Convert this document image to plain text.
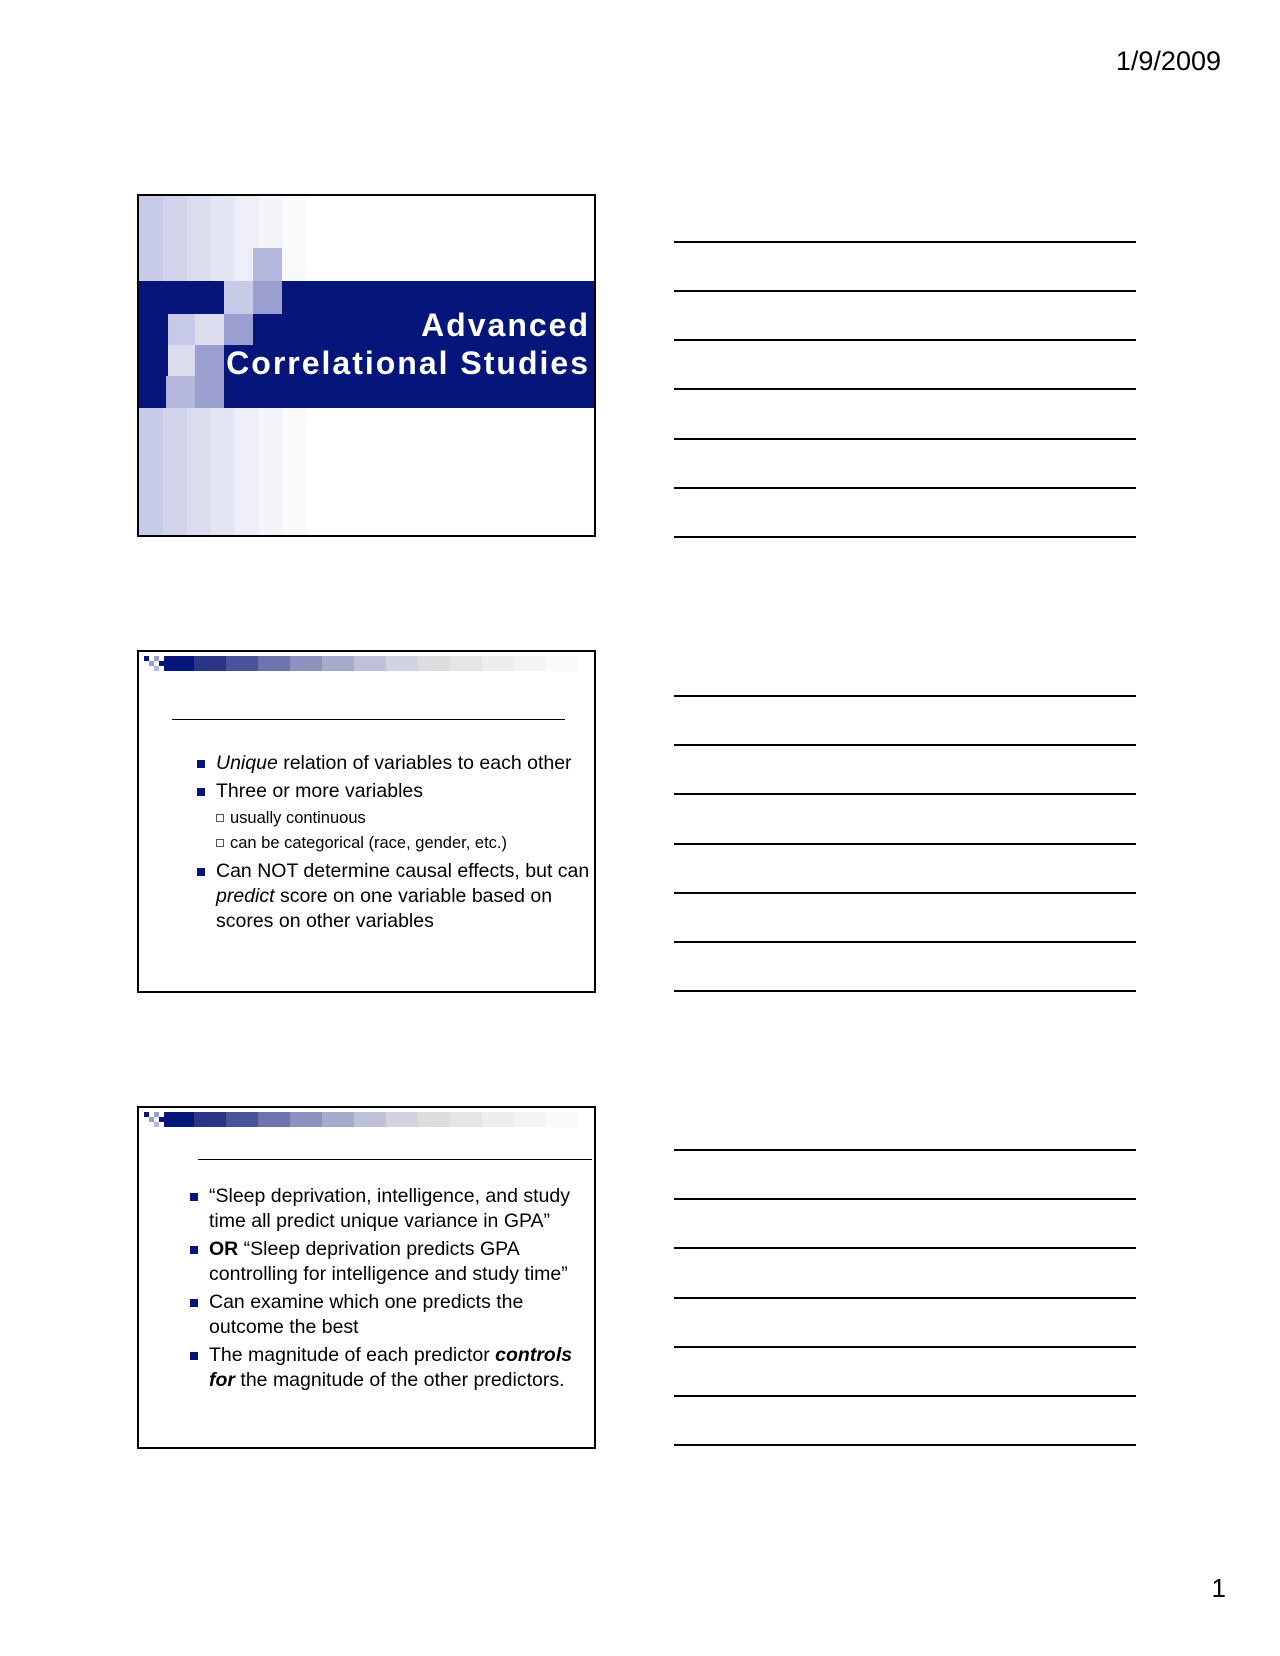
1/9/2009
Advanced
Correlational Studies
Unique relation of variables to each other
Three or more variables
usually continuous
can be categorical (race, gender, etc.)
Can NOT determine causal effects, but can predict score on one variable based on scores on other variables
“Sleep deprivation, intelligence, and study time all predict unique variance in GPA”
OR “Sleep deprivation predicts GPA controlling for intelligence and study time”
Can examine which one predicts the outcome the best
The magnitude of each predictor controls for the magnitude of the other predictors.
1
